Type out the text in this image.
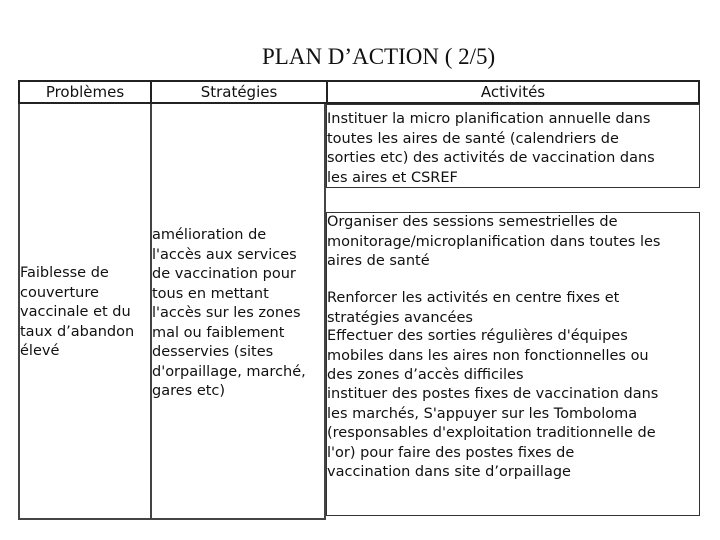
PLAN D’ACTION ( 2/5)
Problèmes	Stratégies	Activités
Faiblesse de
couverture
vaccinale et du
taux d’abandon
élevé
amélioration de
l'accès aux services
de vaccination pour
tous en mettant
l'accès sur les zones
mal ou faiblement
desservies (sites
d'orpaillage, marché,
gares etc)
Instituer la micro planification annuelle dans
toutes les aires de santé (calendriers de
sorties etc) des activités de vaccination dans
les aires et CSREF
Organiser des sessions semestrielles de
monitorage/microplanification dans toutes les
aires de santé
Renforcer les activités en centre fixes et
stratégies avancées
Effectuer des sorties régulières d'équipes
mobiles dans les aires non fonctionnelles ou
des zones d’accès difficiles
instituer des postes fixes de vaccination dans
les marchés, S'appuyer sur les Tomboloma
(responsables d'exploitation traditionnelle de
l'or) pour faire des postes fixes de
vaccination dans site d’orpaillage
